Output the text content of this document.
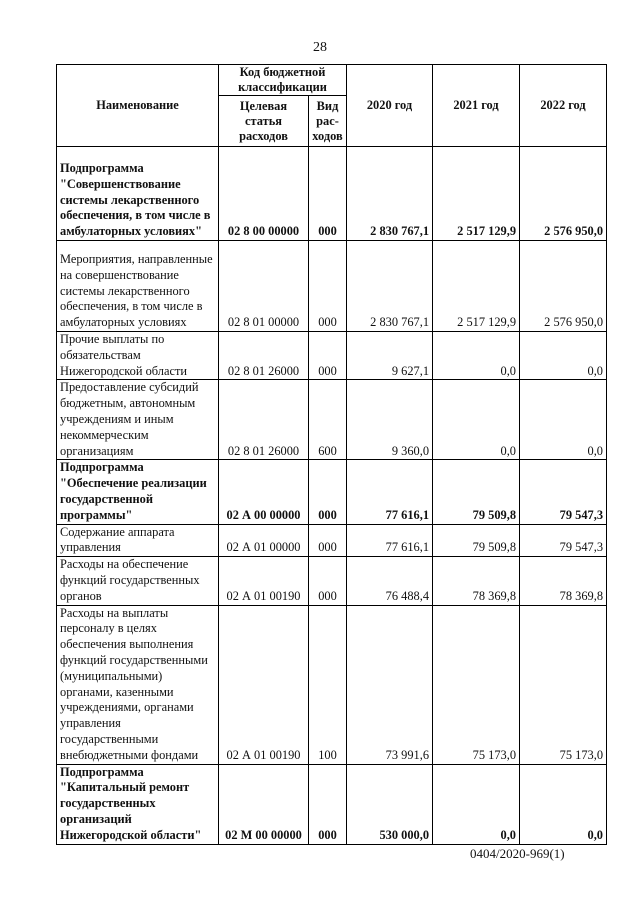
28
Наименование	Код бюджетной классификации		2020 год	2021 год	2022 год
	Целевая статья расходов	Вид рас-ходов			
Подпрограмма "Совершенствование системы лекарственного обеспечения, в том числе в амбулаторных условиях"	02 8 00 00000	000	2 830 767,1	2 517 129,9	2 576 950,0
Мероприятия, направленные на совершенствование системы лекарственного обеспечения, в том числе в амбулаторных условиях	02 8 01 00000	000	2 830 767,1	2 517 129,9	2 576 950,0
Прочие выплаты по обязательствам Нижегородской области	02 8 01 26000	000	9 627,1	0,0	0,0
Предоставление субсидий бюджетным, автономным учреждениям и иным некоммерческим организациям	02 8 01 26000	600	9 360,0	0,0	0,0
Подпрограмма "Обеспечение реализации государственной программы"	02 А 00 00000	000	77 616,1	79 509,8	79 547,3
Содержание аппарата управления	02 А 01 00000	000	77 616,1	79 509,8	79 547,3
Расходы на обеспечение функций государственных органов	02 А 01 00190	000	76 488,4	78 369,8	78 369,8
Расходы на выплаты персоналу в целях обеспечения выполнения функций государственными (муниципальными) органами, казенными учреждениями, органами управления государственными внебюджетными фондами	02 А 01 00190	100	73 991,6	75 173,0	75 173,0
Подпрограмма "Капитальный ремонт государственных организаций Нижегородской области"	02 М 00 00000	000	530 000,0	0,0	0,0
0404/2020-969(1)
